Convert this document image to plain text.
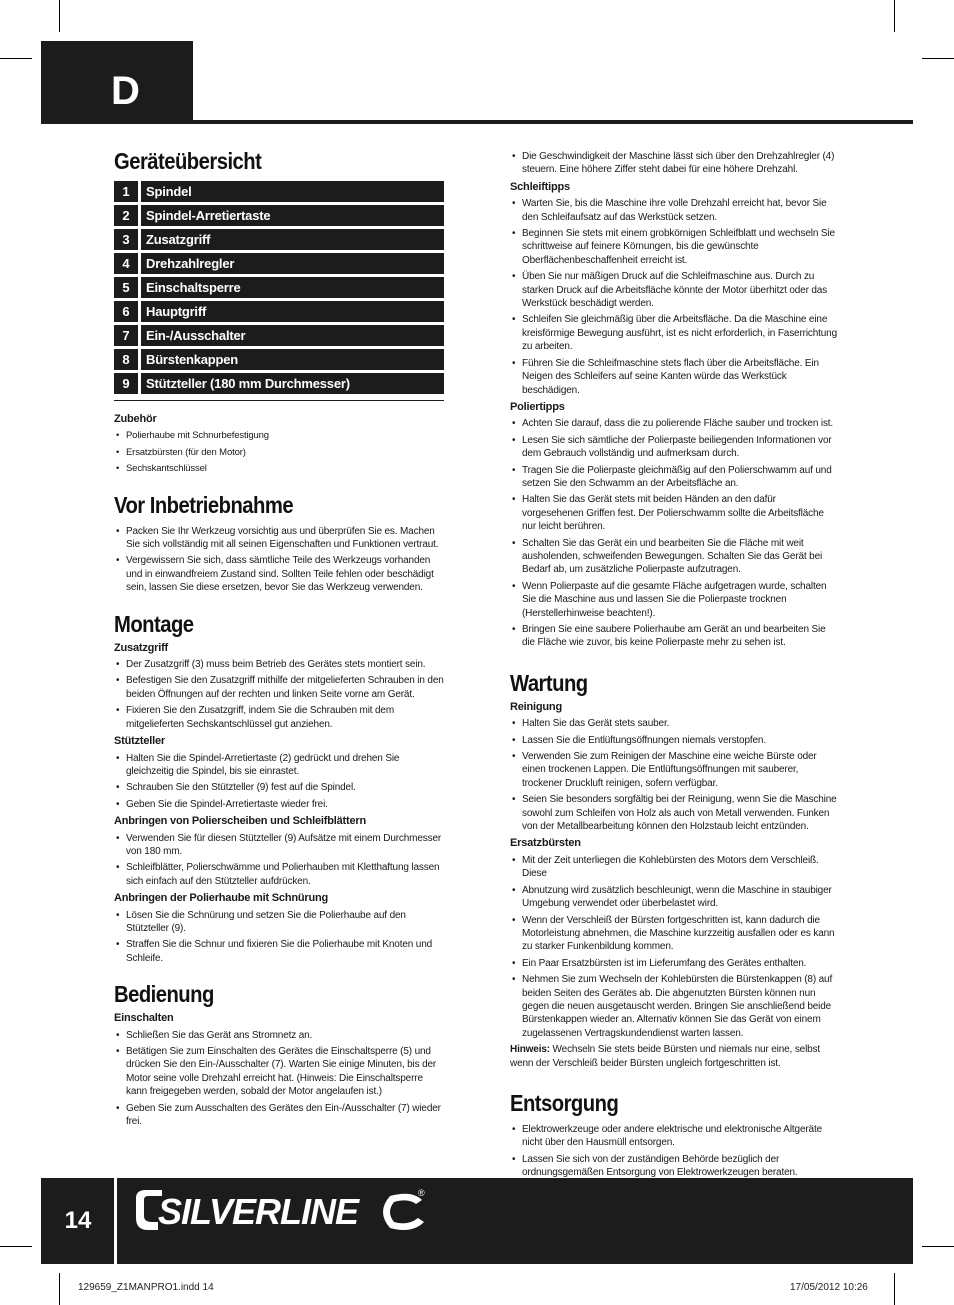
D
Geräteübersicht
1	Spindel
2	Spindel-Arretiertaste
3	Zusatzgriff
4	Drehzahlregler
5	Einschaltsperre
6	Hauptgriff
7	Ein-/Ausschalter
8	Bürstenkappen
9	Stützteller (180 mm Durchmesser)
Zubehör
• Polierhaube mit Schnurbefestigung
• Ersatzbürsten (für den Motor)
• Sechskantschlüssel
Vor Inbetriebnahme
• Packen Sie Ihr Werkzeug vorsichtig aus und überprüfen Sie es. Machen Sie sich vollständig mit all seinen Eigenschaften und Funktionen vertraut.
• Vergewissern Sie sich, dass sämtliche Teile des Werkzeugs vorhanden und in einwandfreiem Zustand sind. Sollten Teile fehlen oder beschädigt sein, lassen Sie diese ersetzen, bevor Sie das Werkzeug verwenden.
Montage
Zusatzgriff
• Der Zusatzgriff (3) muss beim Betrieb des Gerätes stets montiert sein.
• Befestigen Sie den Zusatzgriff mithilfe der mitgelieferten Schrauben in den beiden Öffnungen auf der rechten und linken Seite vorne am Gerät.
• Fixieren Sie den Zusatzgriff, indem Sie die Schrauben mit dem mitgelieferten Sechskantschlüssel gut anziehen.
Stützteller
• Halten Sie die Spindel-Arretiertaste (2) gedrückt und drehen Sie gleichzeitig die Spindel, bis sie einrastet.
• Schrauben Sie den Stützteller (9) fest auf die Spindel.
• Geben Sie die Spindel-Arretiertaste wieder frei.
Anbringen von Polierscheiben und Schleifblättern
• Verwenden Sie für diesen Stützteller (9) Aufsätze mit einem Durchmesser von 180 mm.
• Schleifblätter, Polierschwämme und Polierhauben mit Kletthaftung lassen sich einfach auf den Stützteller aufdrücken.
Anbringen der Polierhaube mit Schnürung
• Lösen Sie die Schnürung und setzen Sie die Polierhaube auf den Stützteller (9).
• Straffen Sie die Schnur und fixieren Sie die Polierhaube mit Knoten und Schleife.
Bedienung
Einschalten
• Schließen Sie das Gerät ans Stromnetz an.
• Betätigen Sie zum Einschalten des Gerätes die Einschaltsperre (5) und drücken Sie den Ein-/Ausschalter (7). Warten Sie einige Minuten, bis der Motor seine volle Drehzahl erreicht hat. (Hinweis: Die Einschaltsperre kann freigegeben werden, sobald der Motor angelaufen ist.)
• Geben Sie zum Ausschalten des Gerätes den Ein-/Ausschalter (7) wieder frei.
• Die Geschwindigkeit der Maschine lässt sich über den Drehzahlregler (4) steuern. Eine höhere Ziffer steht dabei für eine höhere Drehzahl.
Schleiftipps
• Warten Sie, bis die Maschine ihre volle Drehzahl erreicht hat, bevor Sie den Schleifaufsatz auf das Werkstück setzen.
• Beginnen Sie stets mit einem grobkörnigen Schleifblatt und wechseln Sie schrittweise auf feinere Körnungen, bis die gewünschte Oberflächenbeschaffenheit erreicht ist.
• Üben Sie nur mäßigen Druck auf die Schleifmaschine aus. Durch zu starken Druck auf die Arbeitsfläche könnte der Motor überhitzt oder das Werkstück beschädigt werden.
• Schleifen Sie gleichmäßig über die Arbeitsfläche. Da die Maschine eine kreisförmige Bewegung ausführt, ist es nicht erforderlich, in Faserrichtung zu arbeiten.
• Führen Sie die Schleifmaschine stets flach über die Arbeitsfläche. Ein Neigen des Schleifers auf seine Kanten würde das Werkstück beschädigen.
Poliertipps
• Achten Sie darauf, dass die zu polierende Fläche sauber und trocken ist.
• Lesen Sie sich sämtliche der Polierpaste beiliegenden Informationen vor dem Gebrauch vollständig und aufmerksam durch.
• Tragen Sie die Polierpaste gleichmäßig auf den Polierschwamm auf und setzen Sie den Schwamm an der Arbeitsfläche an.
• Halten Sie das Gerät stets mit beiden Händen an den dafür vorgesehenen Griffen fest. Der Polierschwamm sollte die Arbeitsfläche nur leicht berühren.
• Schalten Sie das Gerät ein und bearbeiten Sie die Fläche mit weit ausholenden, schweifenden Bewegungen. Schalten Sie das Gerät bei Bedarf ab, um zusätzliche Polierpaste aufzutragen.
• Wenn Polierpaste auf die gesamte Fläche aufgetragen wurde, schalten Sie die Maschine aus und lassen Sie die Polierpaste trocknen (Herstellerhinweise beachten!).
• Bringen Sie eine saubere Polierhaube am Gerät an und bearbeiten Sie die Fläche wie zuvor, bis keine Polierpaste mehr zu sehen ist.
Wartung
Reinigung
• Halten Sie das Gerät stets sauber.
• Lassen Sie die Entlüftungsöffnungen niemals verstopfen.
• Verwenden Sie zum Reinigen der Maschine eine weiche Bürste oder einen trockenen Lappen. Die Entlüftungsöffnungen mit sauberer, trockener Druckluft reinigen, sofern verfügbar.
• Seien Sie besonders sorgfältig bei der Reinigung, wenn Sie die Maschine sowohl zum Schleifen von Holz als auch von Metall verwenden. Funken von der Metallbearbeitung können den Holzstaub leicht entzünden.
Ersatzbürsten
• Mit der Zeit unterliegen die Kohlebürsten des Motors dem Verschleiß. Diese
• Abnutzung wird zusätzlich beschleunigt, wenn die Maschine in staubiger Umgebung verwendet oder überbelastet wird.
• Wenn der Verschleiß der Bürsten fortgeschritten ist, kann dadurch die Motorleistung abnehmen, die Maschine kurzzeitig ausfallen oder es kann zu starker Funkenbildung kommen.
• Ein Paar Ersatzbürsten ist im Lieferumfang des Gerätes enthalten.
• Nehmen Sie zum Wechseln der Kohlebürsten die Bürstenkappen (8) auf beiden Seiten des Gerätes ab. Die abgenutzten Bürsten können nun gegen die neuen ausgetauscht werden. Bringen Sie anschließend beide Bürstenkappen wieder an. Alternativ können Sie das Gerät von einem zugelassenen Vertragskundendienst warten lassen.

Hinweis: Wechseln Sie stets beide Bürsten und niemals nur eine, selbst wenn der Verschleiß beider Bürsten ungleich fortgeschritten ist.

Entsorgung
• Elektrowerkzeuge oder andere elektrische und elektronische Altgeräte nicht über den Hausmüll entsorgen.
• Lassen Sie sich von der zuständigen Behörde bezüglich der ordnungsgemäßen Entsorgung von Elektrowerkzeugen beraten.
14	SILVERLINE	®
129659_Z1MANPRO1.indd 14	17/05/2012 10:26
